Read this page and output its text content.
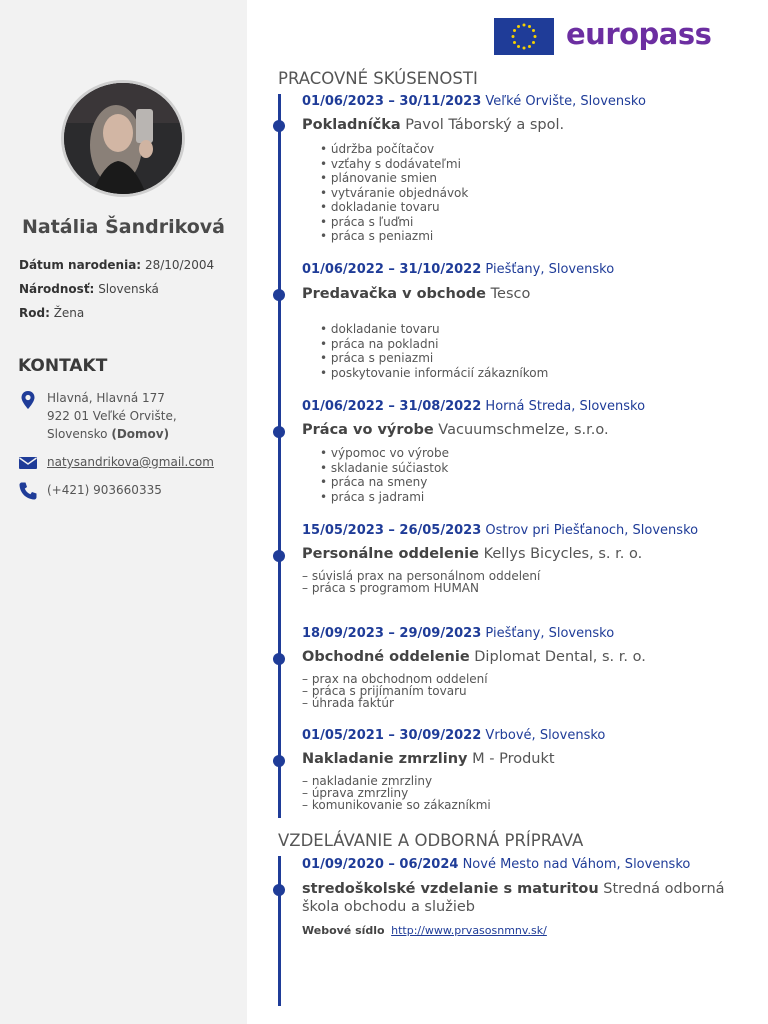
Natália Šandriková
Dátum narodenia: 28/10/2004
Národnosť: Slovenská
Rod: Žena
KONTAKT
Hlavná, Hlavná 177
922 01 Veľké Orvište,
Slovensko (Domov)
natysandrikova@gmail.com
(+421) 903660335
europass
PRACOVNÉ SKÚSENOSTI
01/06/2023 – 30/11/2023 Veľké Orvište, Slovensko
Pokladníčka Pavol Táborský a spol.
• údržba počítačov
• vzťahy s dodávateľmi
• plánovanie smien
• vytváranie objednávok
• dokladanie tovaru
• práca s ľuďmi
• práca s peniazmi
01/06/2022 – 31/10/2022 Piešťany, Slovensko
Predavačka v obchode Tesco
• dokladanie tovaru
• práca na pokladni
• práca s peniazmi
• poskytovanie informácií zákazníkom
01/06/2022 – 31/08/2022 Horná Streda, Slovensko
Práca vo výrobe Vacuumschmelze, s.r.o.
• výpomoc vo výrobe
• skladanie súčiastok
• práca na smeny
• práca s jadrami
15/05/2023 – 26/05/2023 Ostrov pri Piešťanoch, Slovensko
Personálne oddelenie Kellys Bicycles, s. r. o.
– súvislá prax na personálnom oddelení
– práca s programom HUMAN
18/09/2023 – 29/09/2023 Piešťany, Slovensko
Obchodné oddelenie Diplomat Dental, s. r. o.
– prax na obchodnom oddelení
– práca s prijímaním tovaru
– úhrada faktúr
01/05/2021 – 30/09/2022 Vrbové, Slovensko
Nakladanie zmrzliny M - Produkt
– nakladanie zmrzliny
– úprava zmrzliny
– komunikovanie so zákazníkmi
VZDELÁVANIE A ODBORNÁ PRÍPRAVA
01/09/2020 – 06/2024 Nové Mesto nad Váhom, Slovensko
stredoškolské vzdelanie s maturitou Stredná odborná
škola obchodu a služieb
Webové sídlo http://www.prvasosnmnv.sk/
